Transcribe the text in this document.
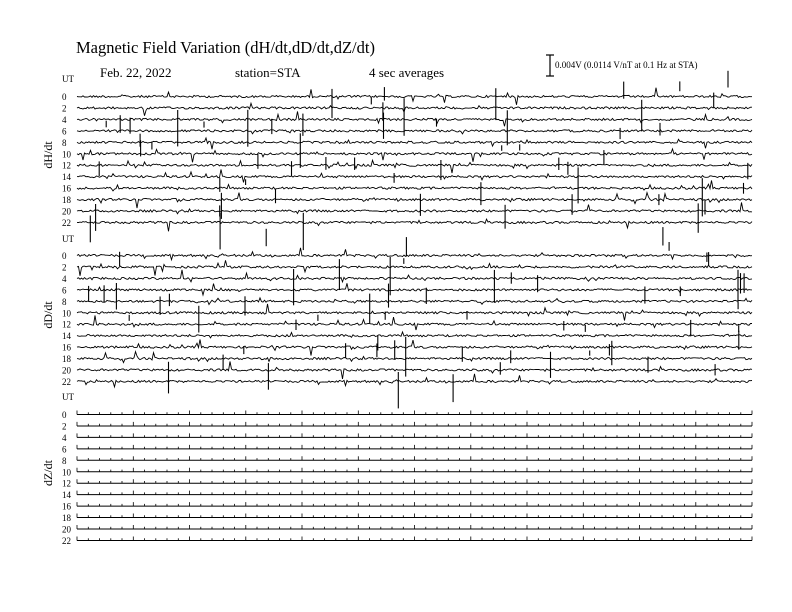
UT
dH/dt
0
2
4
6
8
10
12
14
16
18
20
22
UT
dD/dt
0
2
4
6
8
10
12
14
16
18
20
22
UT
dZ/dt
0
2
4
6
8
10
12
14
16
18
20
22
Magnetic Field Variation (dH/dt,dD/dt,dZ/dt)
Feb. 22, 2022	station=STA	4 sec averages	0.004V (0.0114 V/nT at 0.1 Hz at STA)
